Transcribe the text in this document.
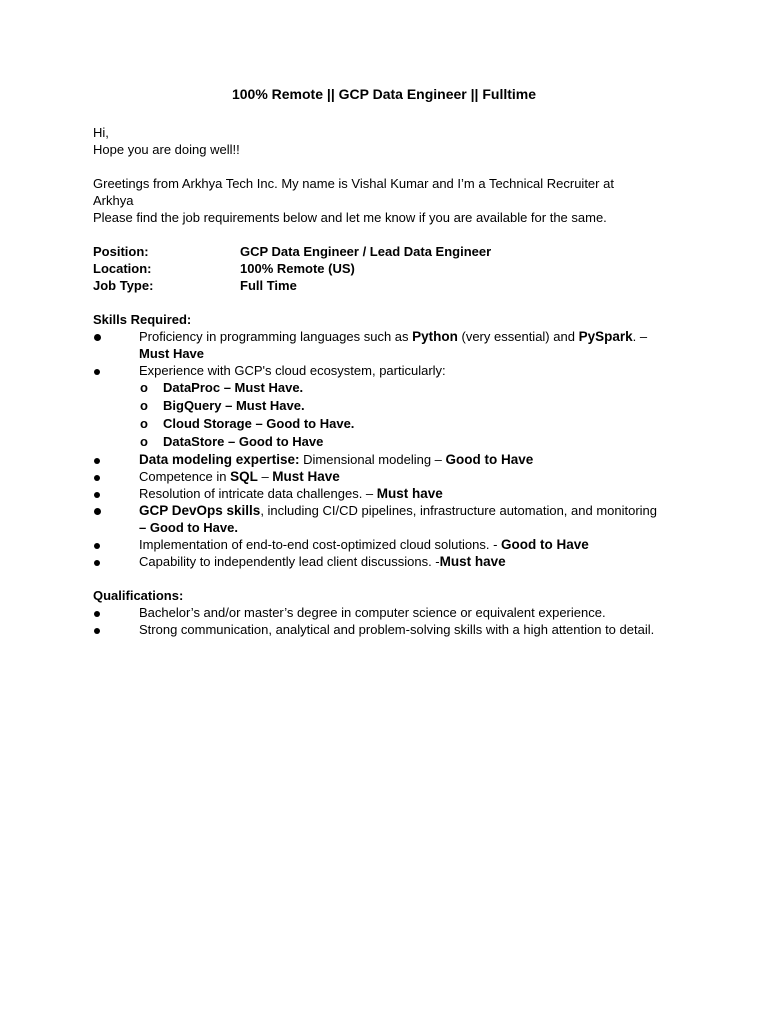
100% Remote || GCP Data Engineer || Fulltime
Hi,
Hope you are doing well!!
Greetings from Arkhya Tech Inc. My name is Vishal Kumar and I’m a Technical Recruiter at
Arkhya
Please find the job requirements below and let me know if you are available for the same.
Position:	GCP Data Engineer / Lead Data Engineer
Location:	100% Remote (US)
Job Type:	Full Time
Skills Required:
Proficiency in programming languages such as Python (very essential) and PySpark. –
Must Have
Experience with GCP's cloud ecosystem, particularly:
o	DataProc – Must Have.
o	BigQuery – Must Have.
o	Cloud Storage – Good to Have.
o	DataStore – Good to Have
Data modeling expertise: Dimensional modeling – Good to Have
Competence in SQL – Must Have
Resolution of intricate data challenges. – Must have
GCP DevOps skills, including CI/CD pipelines, infrastructure automation, and monitoring
– Good to Have.
Implementation of end-to-end cost-optimized cloud solutions. - Good to Have
Capability to independently lead client discussions. -Must have
Qualifications:
Bachelor’s and/or master’s degree in computer science or equivalent experience.
Strong communication, analytical and problem-solving skills with a high attention to detail.
